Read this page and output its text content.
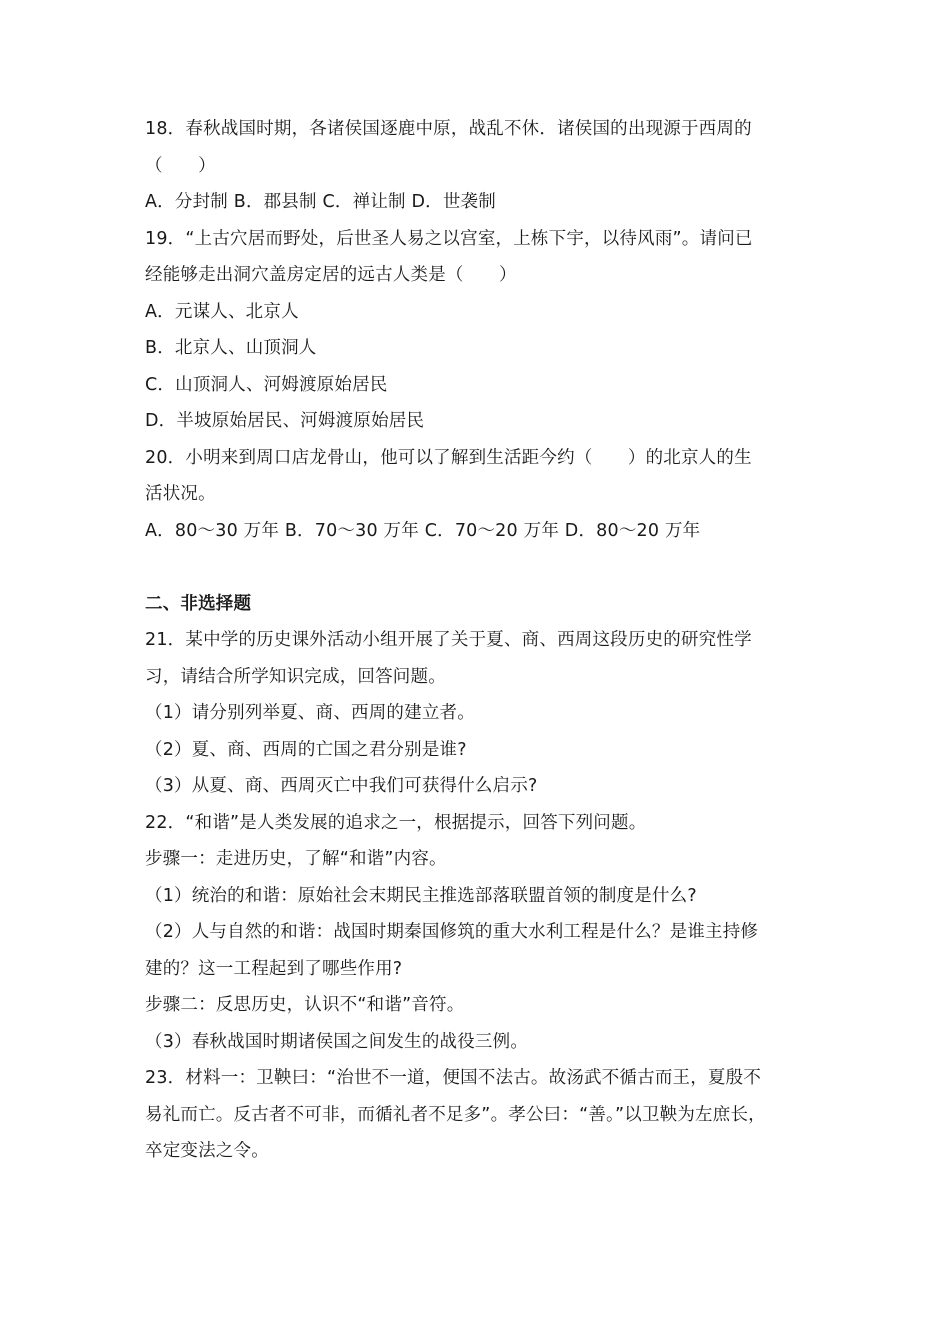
18．春秋战国时期，各诸侯国逐鹿中原，战乱不休．诸侯国的出现源于西周的
（　　）
A．分封制 B．郡县制 C．禅让制 D．世袭制
19．“上古穴居而野处，后世圣人易之以宫室，上栋下宇，以待风雨”。请问已
经能够走出洞穴盖房定居的远古人类是（　　）
A．元谋人、北京人
B．北京人、山顶洞人
C．山顶洞人、河姆渡原始居民
D．半坡原始居民、河姆渡原始居民
20．小明来到周口店龙骨山，他可以了解到生活距今约（　　）的北京人的生
活状况。
A．80～30 万年 B．70～30 万年 C．70～20 万年 D．80～20 万年
二、非选择题
21．某中学的历史课外活动小组开展了关于夏、商、西周这段历史的研究性学
习，请结合所学知识完成，回答问题。
（1）请分别列举夏、商、西周的建立者。
（2）夏、商、西周的亡国之君分别是谁?
（3）从夏、商、西周灭亡中我们可获得什么启示?
22．“和谐”是人类发展的追求之一，根据提示，回答下列问题。
步骤一：走进历史，了解“和谐”内容。
（1）统治的和谐：原始社会末期民主推选部落联盟首领的制度是什么?
（2）人与自然的和谐：战国时期秦国修筑的重大水利工程是什么？是谁主持修
建的？这一工程起到了哪些作用?
步骤二：反思历史，认识不“和谐”音符。
（3）春秋战国时期诸侯国之间发生的战役三例。
23．材料一：卫鞅曰：“治世不一道，便国不法古。故汤武不循古而王，夏殷不
易礼而亡。反古者不可非，而循礼者不足多”。孝公曰：“善。”以卫鞅为左庶长，
卒定变法之令。
